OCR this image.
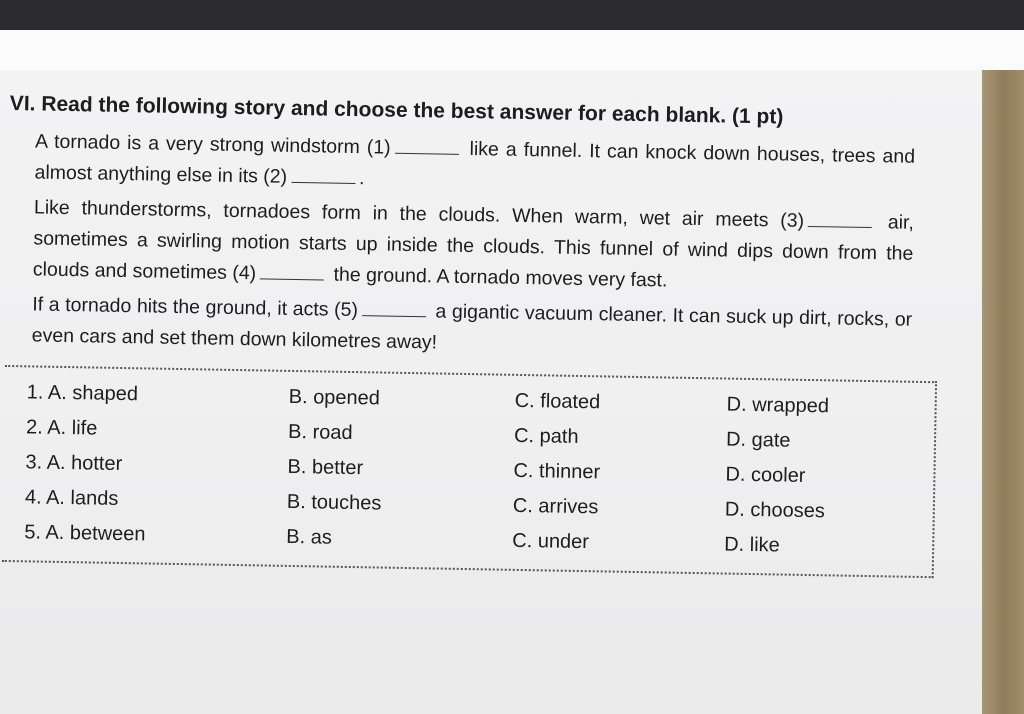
VI. Read the following story and choose the best answer for each blank. (1 pt)

A tornado is a very strong windstorm (1)	like a funnel. It can knock down houses, trees and almost anything else in its (2)	.

Like thunderstorms, tornadoes form in the clouds. When warm, wet air meets (3)	air, sometimes a swirling motion starts up inside the clouds. This funnel of wind dips down from the clouds and sometimes (4)	the ground. A tornado moves very fast.

If a tornado hits the ground, it acts (5)	a gigantic vacuum cleaner. It can suck up dirt, rocks, or even cars and set them down kilometres away!

1. A. shaped	B. opened	C. floated	D. wrapped
2. A. life	B. road	C. path	D. gate
3. A. hotter	B. better	C. thinner	D. cooler
4. A. lands	B. touches	C. arrives	D. chooses
5. A. between	B. as	C. under	D. like
